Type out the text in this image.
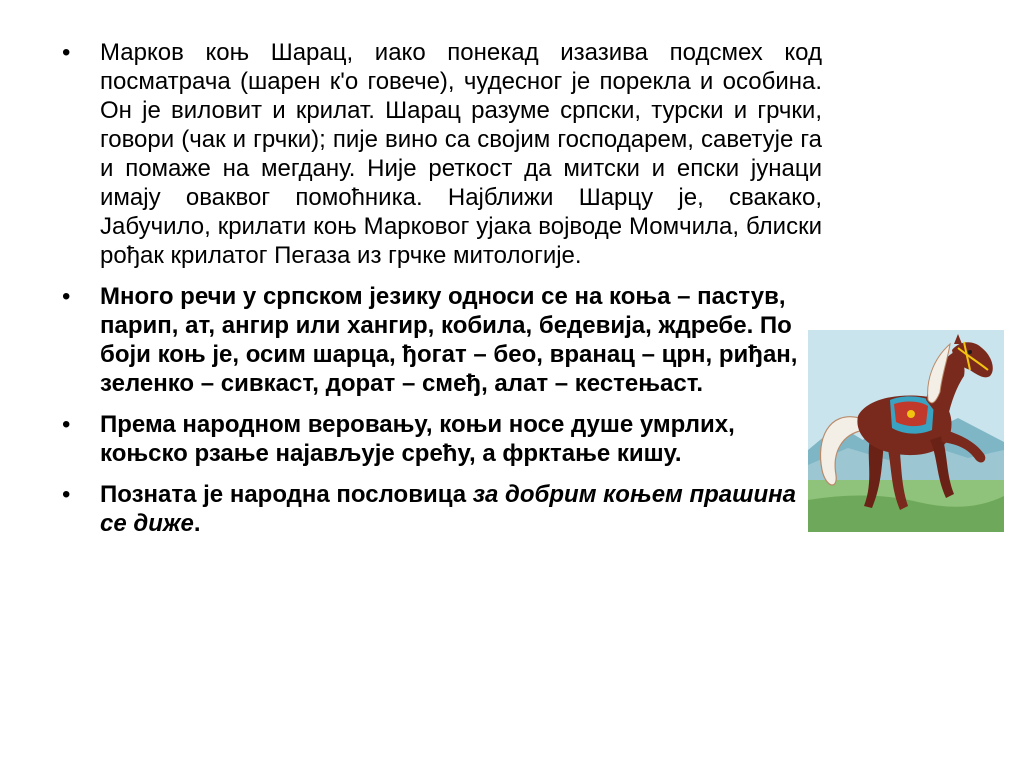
• Марков коњ Шарац, иако понекад изазива подсмех код посматрача (шарен к'о говече), чудесног је порекла и особина. Он је виловит и крилат. Шарац разуме српски, турски и грчки, говори (чак и грчки); пије вино са својим господарем, саветује га и помаже на мегдану. Није реткост да митски и епски јунаци имају оваквог помоћника. Најближи Шарцу је, свакако, Јабучило, крилати коњ Марковог ујака војводе Момчила, блиски рођак крилатог Пегаза из грчке митологије.
• Много речи у српском језику односи се на коња – пастув, парип, ат, ангир или хангир, кобила, бедевија, ждребе. По боји коњ је, осим шарца, ђогат – бео, вранац – црн, риђан, зеленко – сивкаст, дорат – смеђ, алат – кестењаст.
• Према народном веровању, коњи носе душе умрлих, коњско рзање најављује срећу, а фрктање кишу.
• Позната је народна пословица за добрим коњем прашина се диже.
